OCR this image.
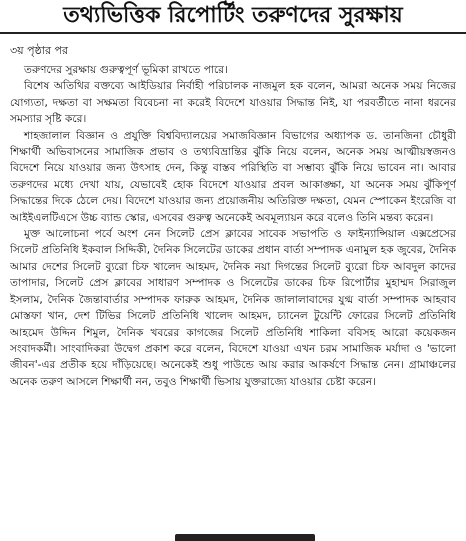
তথ্যভিত্তিক রিপোর্টিং তরুণদের সুরক্ষায়
৩য় পৃষ্ঠার পর

তরুণদের সুরক্ষায় গুরুত্বপূর্ণ ভূমিকা রাখতে পারে।

বিশেষ অতিথির বক্তব্যে আইডিয়ার নির্বাহী পরিচালক নাজমুল হক বলেন, আমরা অনেক সময় নিজের যোগ্যতা, দক্ষতা বা সক্ষমতা বিবেচনা না করেই বিদেশে যাওয়ার সিদ্ধান্ত নিই, যা পরবর্তীতে নানা ধরনের সমস্যার সৃষ্টি করে।

শাহজালাল বিজ্ঞান ও প্রযুক্তি বিশ্ববিদ্যালয়ের সমাজবিজ্ঞান বিভাগের অধ্যাপক ড. তানজিনা চৌধুরী শিক্ষার্থী অভিবাসনের সামাজিক প্রভাব ও তথ্যবিভ্রান্তির ঝুঁকি নিয়ে বলেন, অনেক সময় আত্মীয়স্বজনও বিদেশে নিয়ে যাওয়ার জন্য উৎসাহ দেন, কিন্তু বাস্তব পরিস্থিতি বা সম্ভাব্য ঝুঁকি নিয়ে ভাবেন না। আবার তরুণদের মধ্যে দেখা যায়, যেভাবেই হোক বিদেশে যাওয়ার প্রবল আকাঙ্ক্ষা, যা অনেক সময় ঝুঁকিপূর্ণ সিদ্ধান্তের দিকে ঠেলে দেয়। বিদেশে যাওয়ার জন্য প্রয়োজনীয় অতিরিক্ত দক্ষতা, যেমন স্পোকেন ইংরেজি বা আইইএলটিএসে উচ্চ ব্যান্ড স্কোর, এসবের গুরুত্ব অনেকেই অবমূল্যায়ন করে বলেও তিনি মন্তব্য করেন।

মুক্ত আলোচনা পর্বে অংশ নেন সিলেট প্রেস ক্লাবের সাবেক সভাপতি ও ফাইন্যান্সিয়াল এক্সপ্রেসের সিলেট প্রতিনিধি ইকবাল সিদ্দিকী, দৈনিক সিলেটের ডাকের প্রধান বার্তা সম্পাদক এনামুল হক জুবের, দৈনিক আমার দেশের সিলেট ব্যুরো চিফ খালেদ আহমদ, দৈনিক নয়া দিগন্তের সিলেট ব্যুরো চিফ আবদুল কাদের তাপাদার, সিলেট প্রেস ক্লাবের সাধারণ সম্পাদক ও সিলেটের ডাকের চিফ রিপোর্টার মুহাম্মদ সিরাজুল ইসলাম, দৈনিক জৈন্তাবার্তার সম্পাদক ফারুক আহমদ, দৈনিক জালালাবাদের যুগ্ম বার্তা সম্পাদক আহবাব মোস্তফা খান, দেশ টিভির সিলেট প্রতিনিধি খালেদ আহমদ, চ্যানেল টুয়েন্টি ফোরের সিলেট প্রতিনিধি আহমেদ উদ্দিন শিমুল, দৈনিক খবরের কাগজের সিলেট প্রতিনিধি শাকিলা ববিসহ আরো কয়েকজন সংবাদকর্মী। সাংবাদিকরা উদ্বেগ প্রকাশ করে বলেন, বিদেশে যাওয়া এখন চরম সামাজিক মর্যাদা ও 'ভালো জীবন'-এর প্রতীক হয়ে দাঁড়িয়েছে। অনেকেই শুধু পাউন্ডে আয় করার আকর্ষণে সিদ্ধান্ত নেন। গ্রামাঞ্চলের অনেক তরুণ আসলে শিক্ষার্থী নন, তবুও শিক্ষার্থী ভিসায় যুক্তরাজ্যে যাওয়ার চেষ্টা করেন।
